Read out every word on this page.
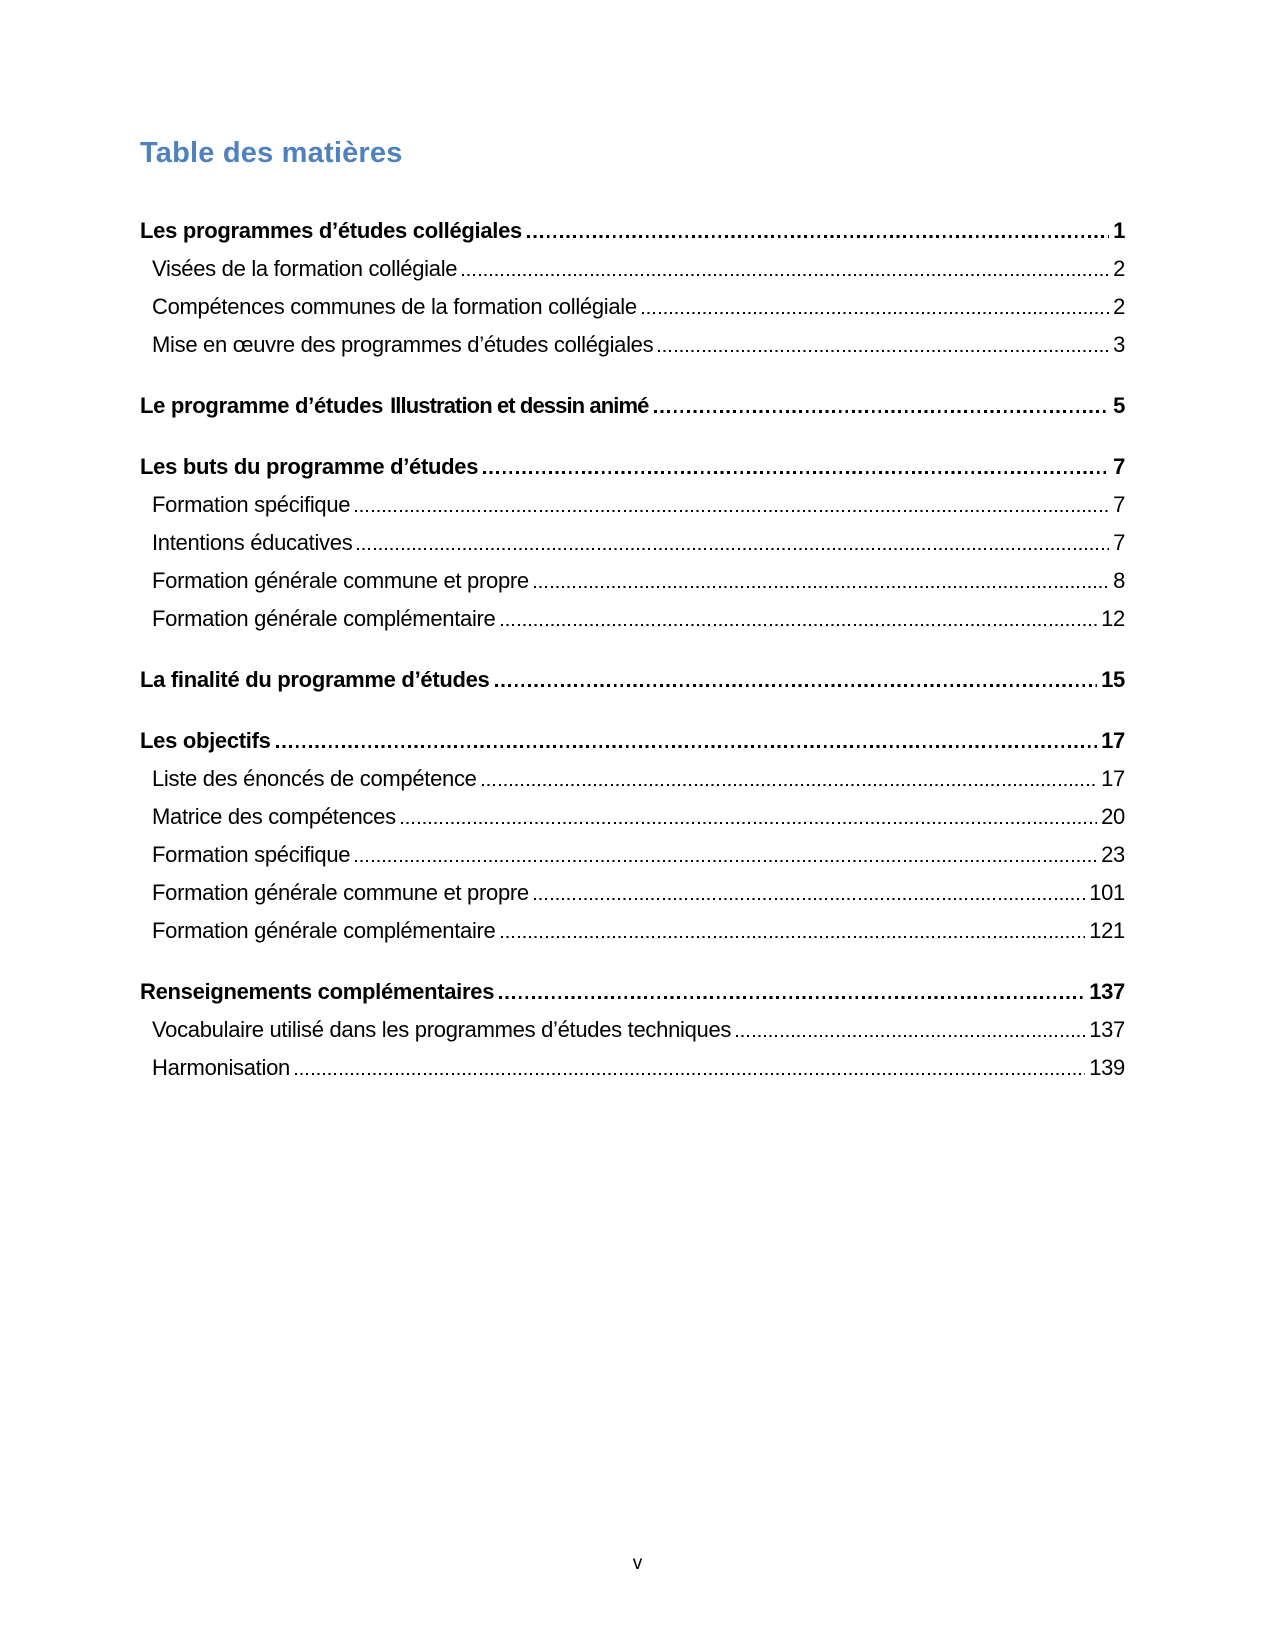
Table des matières
Les programmes d’études collégiales	1
Visées de la formation collégiale	2
Compétences communes de la formation collégiale	2
Mise en œuvre des programmes d’études collégiales	3
Le programme d’études Illustration et dessin animé	5
Les buts du programme d’études	7
Formation spécifique	7
Intentions éducatives	7
Formation générale commune et propre	8
Formation générale complémentaire	12
La finalité du programme d’études	15
Les objectifs	17
Liste des énoncés de compétence	17
Matrice des compétences	20
Formation spécifique	23
Formation générale commune et propre	101
Formation générale complémentaire	121
Renseignements complémentaires	137
Vocabulaire utilisé dans les programmes d’études techniques	137
Harmonisation	139
v
